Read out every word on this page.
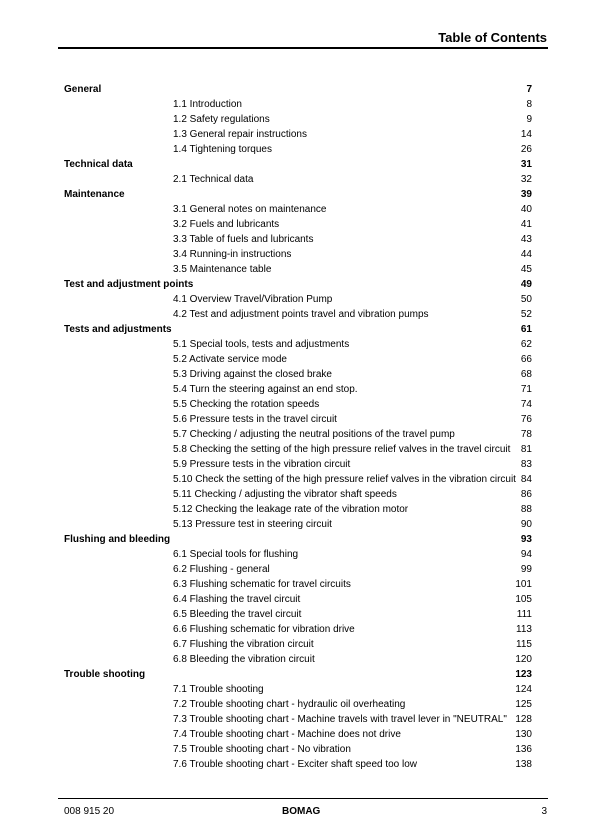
Table of Contents
General	7
1.1 Introduction	8
1.2 Safety regulations	9
1.3 General repair instructions	14
1.4 Tightening torques	26
Technical data	31
2.1 Technical data	32
Maintenance	39
3.1 General notes on maintenance	40
3.2 Fuels and lubricants	41
3.3 Table of fuels and lubricants	43
3.4 Running-in instructions	44
3.5 Maintenance table	45
Test and adjustment points	49
4.1 Overview Travel/Vibration Pump	50
4.2 Test and adjustment points travel and vibration pumps	52
Tests and adjustments	61
5.1 Special tools, tests and adjustments	62
5.2 Activate service mode	66
5.3 Driving against the closed brake	68
5.4 Turn the steering against an end stop.	71
5.5 Checking the rotation speeds	74
5.6 Pressure tests in the travel circuit	76
5.7 Checking / adjusting the neutral positions of the travel pump	78
5.8 Checking the setting of the high pressure relief valves in the travel circuit 81
5.9 Pressure tests in the vibration circuit	83
5.10 Check the setting of the high pressure relief valves in the vibration circuit 84
5.11 Checking / adjusting the vibrator shaft speeds	86
5.12 Checking the leakage rate of the vibration motor	88
5.13 Pressure test in steering circuit	90
Flushing and bleeding	93
6.1 Special tools for flushing	94
6.2 Flushing - general	99
6.3 Flushing schematic for travel circuits	101
6.4 Flashing the travel circuit	105
6.5 Bleeding the travel circuit	111
6.6 Flushing schematic for vibration drive	113
6.7 Flushing the vibration circuit	115
6.8 Bleeding the vibration circuit	120
Trouble shooting	123
7.1 Trouble shooting	124
7.2 Trouble shooting chart - hydraulic oil overheating	125
7.3 Trouble shooting chart - Machine travels with travel lever in "NEUTRAL" 128
7.4 Trouble shooting chart - Machine does not drive	130
7.5 Trouble shooting chart - No vibration	136
7.6 Trouble shooting chart - Exciter shaft speed too low	138
008 915 20	BOMAG	3
